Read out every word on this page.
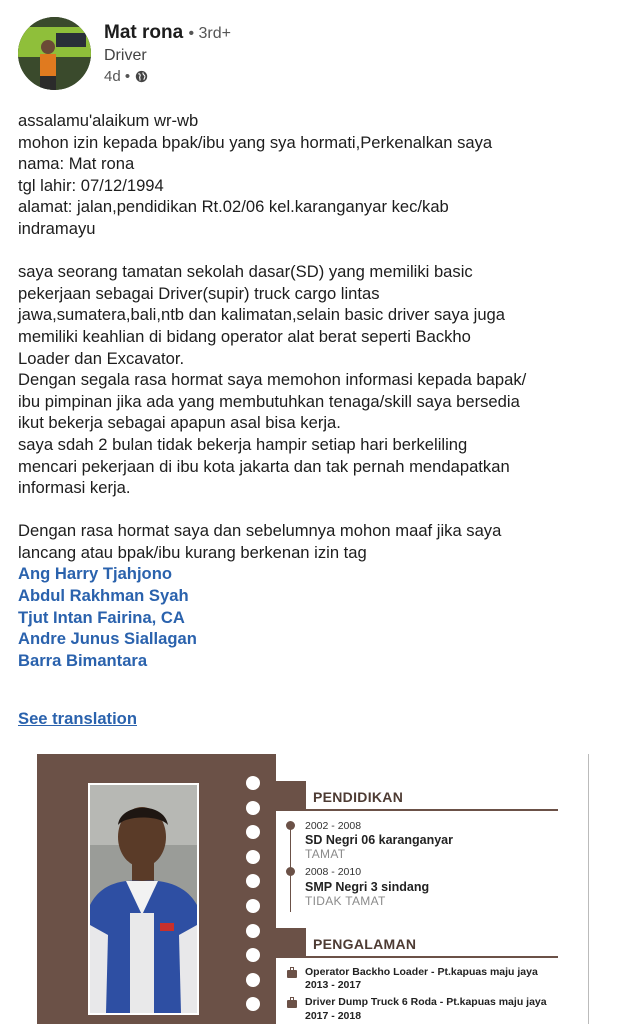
Mat rona • 3rd+
Driver
4d •

assalamu'alaikum wr-wb

mohon izin kepada bpak/ibu yang sya hormati,Perkenalkan saya

nama: Mat rona

tgl lahir: 07/12/1994

alamat: jalan,pendidikan Rt.02/06 kel.karanganyar kec/kab

indramayu

saya seorang tamatan sekolah dasar(SD) yang memiliki basic

pekerjaan sebagai Driver(supir) truck cargo lintas

jawa,sumatera,bali,ntb dan kalimatan,selain basic driver saya juga

memiliki keahlian di bidang operator alat berat seperti Backho

Loader dan Excavator.

Dengan segala rasa hormat saya memohon informasi kepada bapak/

ibu pimpinan jika ada yang membutuhkan tenaga/skill saya bersedia

ikut bekerja sebagai apapun asal bisa kerja.

saya sdah 2 bulan tidak bekerja hampir setiap hari berkeliling

mencari pekerjaan di ibu kota jakarta dan tak pernah mendapatkan

informasi kerja.

Dengan rasa hormat saya dan sebelumnya mohon maaf jika saya

lancang atau bpak/ibu kurang berkenan izin tag

Ang Harry Tjahjono
Abdul Rakhman Syah
Tjut Intan Fairina, CA
Andre Junus Siallagan
Barra Bimantara
See translation
PENDIDIKAN
2002 - 2008
SD Negri 06 karanganyar
TAMAT
2008 - 2010
SMP Negri 3 sindang
TIDAK TAMAT
PENGALAMAN
Operator Backho Loader - Pt.kapuas maju jaya
2013 - 2017
Driver Dump Truck 6 Roda - Pt.kapuas maju jaya
2017 - 2018
